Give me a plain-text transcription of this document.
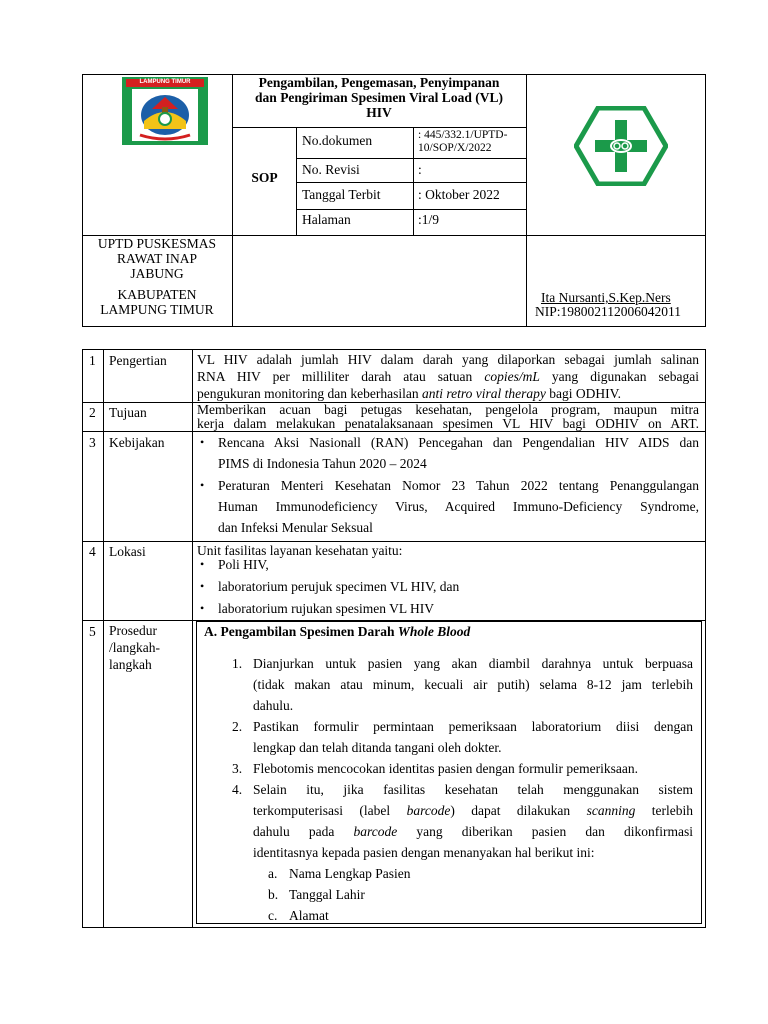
LAMPUNG TIMUR	Pengambilan, Pengemasan, Penyimpanan
dan Pengiriman Spesimen Viral Load (VL)
HIV
SOP
No.dokumen	: 445/332.1/UPTD-
10/SOP/X/2022
No. Revisi	:
Tanggal Terbit	: Oktober 2022
Halaman	:1/9
UPTD PUSKESMAS
RAWAT INAP
JABUNG
KABUPATEN
LAMPUNG TIMUR
Ita Nursanti,S.Kep.Ners
NIP:198002112006042011
1 Pengertian VL HIV adalah jumlah HIV dalam darah yang dilaporkan sebagai jumlah salinan
RNA HIV per milliliter darah atau satuan copies/mL yang digunakan sebagai
pengukuran monitoring dan keberhasilan anti retro viral therapy bagi ODHIV.
2 Tujuan	Memberikan acuan bagi petugas kesehatan, pengelola program, maupun mitra
kerja dalam melakukan penatalaksanaan spesimen VL HIV bagi ODHIV on ART.
3 Kebijakan	• Rencana Aksi Nasionall (RAN) Pencegahan dan Pengendalian HIV AIDS dan
PIMS di Indonesia Tahun 2020 – 2024
• Peraturan Menteri Kesehatan Nomor 23 Tahun 2022 tentang Penanggulangan
Human Immunodeficiency Virus, Acquired Immuno-Deficiency Syndrome,
dan Infeksi Menular Seksual
4 Lokasi	Unit fasilitas layanan kesehatan yaitu:
• Poli HIV,
• laboratorium perujuk specimen VL HIV, dan
• laboratorium rujukan spesimen VL HIV
5 Prosedur
/langkah-
langkah
A. Pengambilan Spesimen Darah Whole Blood
1. Dianjurkan untuk pasien yang akan diambil darahnya untuk berpuasa
(tidak makan atau minum, kecuali air putih) selama 8-12 jam terlebih
dahulu.
2. Pastikan formulir permintaan pemeriksaan laboratorium diisi dengan
lengkap dan telah ditanda tangani oleh dokter.
3. Flebotomis mencocokan identitas pasien dengan formulir pemeriksaan.
4. Selain itu, jika fasilitas kesehatan telah menggunakan sistem
terkomputerisasi (label barcode) dapat dilakukan scanning terlebih
dahulu pada barcode yang diberikan pasien dan dikonfirmasi
identitasnya kepada pasien dengan menanyakan hal berikut ini:
a. Nama Lengkap Pasien
b. Tanggal Lahir
c. Alamat
